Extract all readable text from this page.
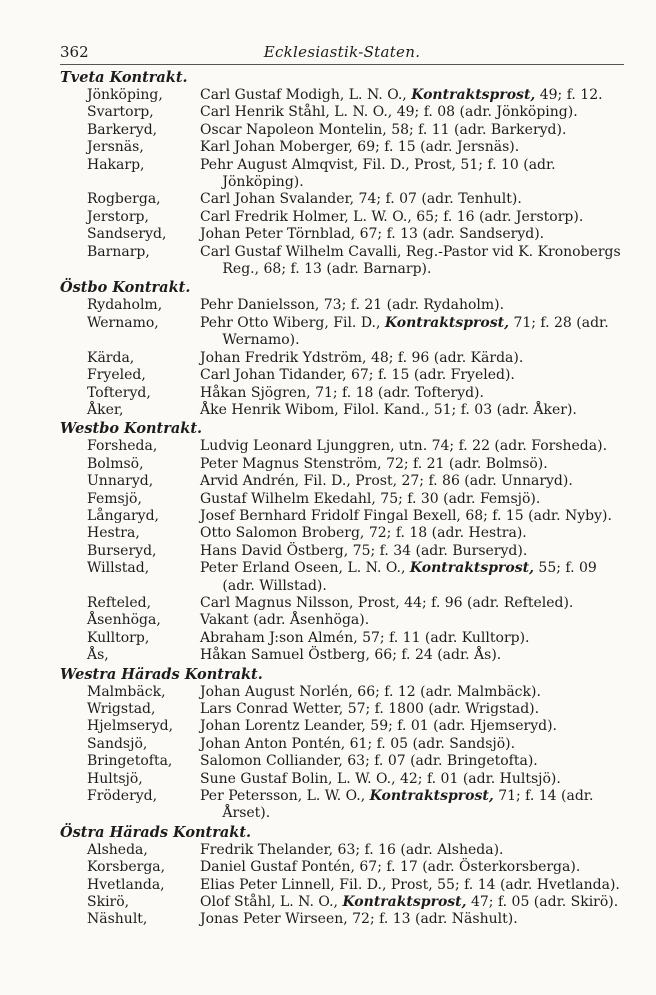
362	Ecklesiastik-Staten.
Tveta Kontrakt.
Jönköping,	Carl Gustaf Modigh, L. N. O., Kontraktsprost, 49; f. 12.
Svartorp,	Carl Henrik Ståhl, L. N. O., 49; f. 08 (adr. Jönköping).
Barkeryd,	Oscar Napoleon Montelin, 58; f. 11 (adr. Barkeryd).
Jersnäs,	Karl Johan Moberger, 69; f. 15 (adr. Jersnäs).
Hakarp,	Pehr August Almqvist, Fil. D., Prost, 51; f. 10 (adr. Jönköping).
Rogberga,	Carl Johan Svalander, 74; f. 07 (adr. Tenhult).
Jerstorp,	Carl Fredrik Holmer, L. W. O., 65; f. 16 (adr. Jerstorp).
Sandseryd,	Johan Peter Törnblad, 67; f. 13 (adr. Sandseryd).
Barnarp,	Carl Gustaf Wilhelm Cavalli, Reg.-Pastor vid K. Kronobergs Reg., 68; f. 13 (adr. Barnarp).
Östbo Kontrakt.
Rydaholm,	Pehr Danielsson, 73; f. 21 (adr. Rydaholm).
Wernamo,	Pehr Otto Wiberg, Fil. D., Kontraktsprost, 71; f. 28 (adr. Wernamo).
Kärda,	Johan Fredrik Ydström, 48; f. 96 (adr. Kärda).
Fryeled,	Carl Johan Tidander, 67; f. 15 (adr. Fryeled).
Tofteryd,	Håkan Sjögren, 71; f. 18 (adr. Tofteryd).
Åker,	Åke Henrik Wibom, Filol. Kand., 51; f. 03 (adr. Åker).
Westbo Kontrakt.
Forsheda,	Ludvig Leonard Ljunggren, utn. 74; f. 22 (adr. Forsheda).
Bolmsö,	Peter Magnus Stenström, 72; f. 21 (adr. Bolmsö).
Unnaryd,	Arvid Andrén, Fil. D., Prost, 27; f. 86 (adr. Unnaryd).
Femsjö,	Gustaf Wilhelm Ekedahl, 75; f. 30 (adr. Femsjö).
Långaryd,	Josef Bernhard Fridolf Fingal Bexell, 68; f. 15 (adr. Nyby).
Hestra,	Otto Salomon Broberg, 72; f. 18 (adr. Hestra).
Burseryd,	Hans David Östberg, 75; f. 34 (adr. Burseryd).
Willstad,	Peter Erland Oseen, L. N. O., Kontraktsprost, 55; f. 09 (adr. Willstad).
Refteled,	Carl Magnus Nilsson, Prost, 44; f. 96 (adr. Refteled).
Åsenhöga,	Vakant (adr. Åsenhöga).
Kulltorp,	Abraham J:son Almén, 57; f. 11 (adr. Kulltorp).
Ås,	Håkan Samuel Östberg, 66; f. 24 (adr. Ås).
Westra Härads Kontrakt.
Malmbäck,	Johan August Norlén, 66; f. 12 (adr. Malmbäck).
Wrigstad,	Lars Conrad Wetter, 57; f. 1800 (adr. Wrigstad).
Hjelmseryd,	Johan Lorentz Leander, 59; f. 01 (adr. Hjemseryd).
Sandsjö,	Johan Anton Pontén, 61; f. 05 (adr. Sandsjö).
Bringetofta,	Salomon Colliander, 63; f. 07 (adr. Bringetofta).
Hultsjö,	Sune Gustaf Bolin, L. W. O., 42; f. 01 (adr. Hultsjö).
Fröderyd,	Per Petersson, L. W. O., Kontraktsprost, 71; f. 14 (adr. Årset).
Östra Härads Kontrakt.
Alsheda,	Fredrik Thelander, 63; f. 16 (adr. Alsheda).
Korsberga,	Daniel Gustaf Pontén, 67; f. 17 (adr. Österkorsberga).
Hvetlanda,	Elias Peter Linnell, Fil. D., Prost, 55; f. 14 (adr. Hvetlanda).
Skirö,	Olof Ståhl, L. N. O., Kontraktsprost, 47; f. 05 (adr. Skirö).
Näshult,	Jonas Peter Wirseen, 72; f. 13 (adr. Näshult).
